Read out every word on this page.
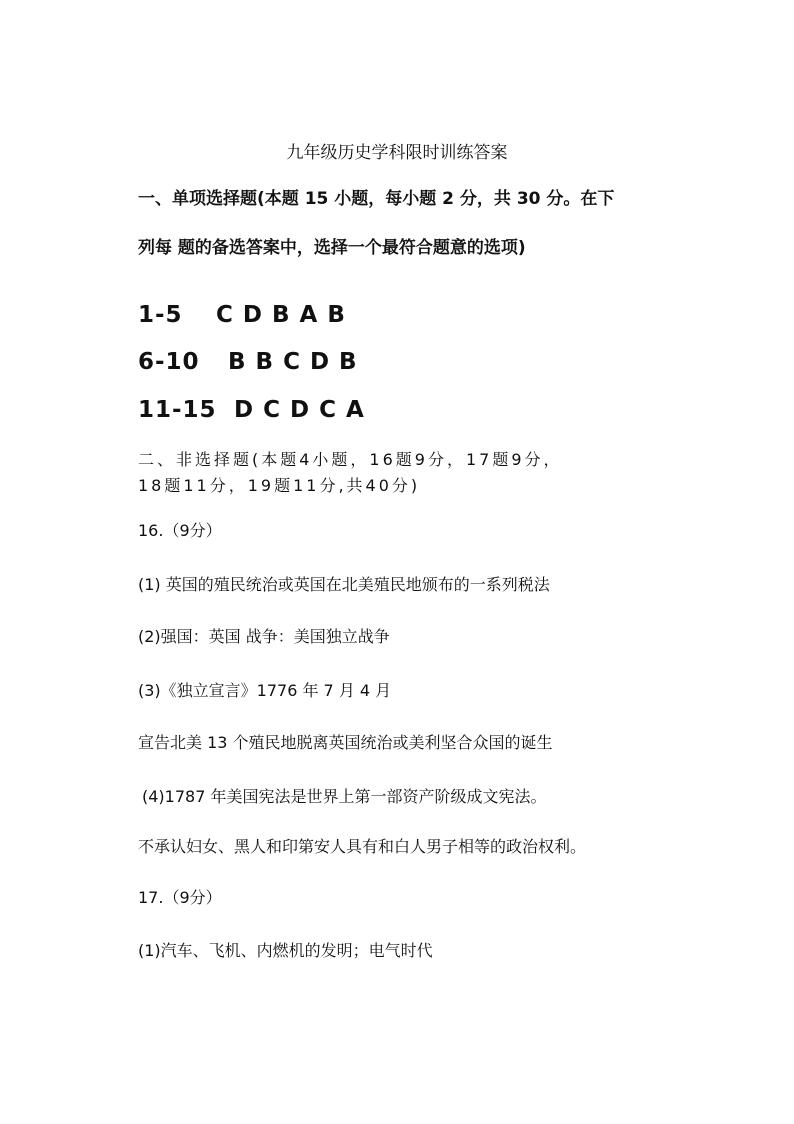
九年级历史学科限时训练答案
一、单项选择题(本题 15 小题，每小题 2 分，共 30 分。在下
列每 题的备选答案中，选择一个最符合题意的选项)
1-5 C D B A B
6-10 B B C D B
11-15 D C D C A
二、非选择题(本题4小题，16题9分，17题9分，
18题11分，19题11分,共40分)
16.（9分）
(1) 英国的殖民统治或英国在北美殖民地颁布的一系列税法
(2)强国：英国 战争：美国独立战争
(3)《独立宣言》1776 年 7 月 4 月
宣告北美 13 个殖民地脱离英国统治或美利坚合众国的诞生
(4)1787 年美国宪法是世界上第一部资产阶级成文宪法。
不承认妇女、黑人和印第安人具有和白人男子相等的政治权利。
17.（9分）
(1)汽车、飞机、内燃机的发明；电气时代
